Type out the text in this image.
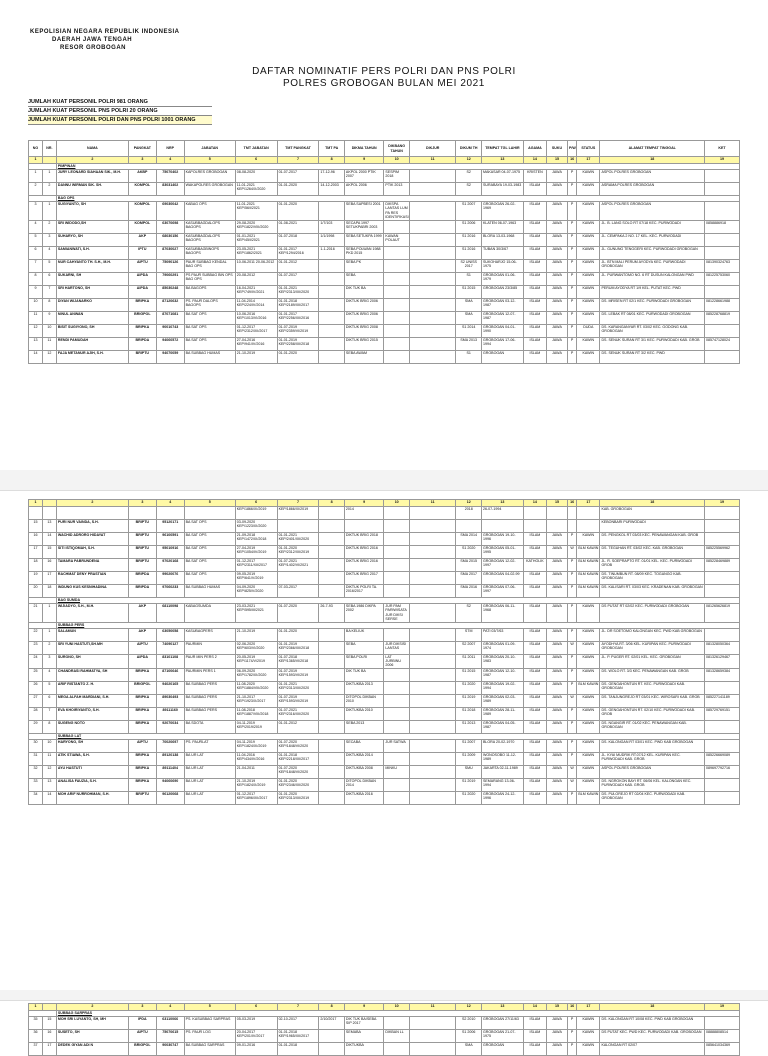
KEPOLISIAN NEGARA REPUBLIK INDONESIA
DAERAH JAWA TENGAH
RESOR GROBOGAN
DAFTAR NOMINATIF PERS POLRI DAN PNS POLRI
POLRES GROBOGAN BULAN MEI 2021
JUMLAH KUAT PERSONIL POLRI 981 ORANG
JUMLAH KUAT PERSONIL PNS POLRI 20 ORANG
JUMLAH KUAT PERSONIL POLRI DAN PNS POLRI 1001 ORANG
NO	NR.	NAMA	PANGKAT	NRP	JABATAN	TMT JABATAN	TMT PANGKAT	TMT PA	DIKMA TAHUN	DIKBANG TAHUN	DIKJUR	DIKUM TH	TEMPAT TGL LAHIR	AGAMA	SUKU	P/W	STATUS	ALAMAT TEMPAT TINGGAL	KET
1		2	3	4	5	6	7	8	9	10	11	12	13	14	15	16	17	18	19
		PIMPINAN																	
1	1	JURY LEONARD SIAHAAN SIK., M.H.	AKBP	75070402	KAPOLRES GROBOGAN	08-08-2020	01-07-2017	17-12-96	AKPOL 2000 PTIK 2007	SESPIM 2018		S2	MAKASAR 04-07-1975	KRISTEN	JAWA	P	KAWIN	ASPOL POLRES GROBOGAN	
2	2	DANNU WIRMAN SIK. SH.	KOMPOL	83031402	WAKAPOLRES GROBOGAN	11-01-2021 KEP/1264/X/2020	01-01-2020	14-12-2003	AKPOL 2006	PTIK 2013		S2	SURABAYA 19-03-1983	ISLAM	JAWA	P	KAWIN	ASRAMA POLRES GROBOGAN	
		BAG OPS																	
3	1	SUGIYANTO, SH	KOMPOL	69030042	KABAG OPS	11-01-2021 KEP/56/I/2021	01-01-2020		SEBA SAPBESI 2001	DIKSPA LANTAS LUM PA RES IDENTIFIKASI		S1 2007	GROBOGAN 26-02-1969	ISLAM	JAWA	P	KAWIN	ASPOL POLRES GROBOGAN	
4	2	SRI WIDODO,SH	KOMPOL	63070698	KASUBBAGDALOPS BAGOPS	29-08-2020 KEP/1822/VIII/2020	01-08-2021	1/7/103	SECAPA 1997 SETUKPABRI 2003			S1 2006	KLATEN 06-07-1963	ISLAM	JAWA	P	KAWIN	JL. B. LANG SOLO RT 07/18 KEC. PURWODADI	0858886918
5	3	SUHARYO, SH	AKP	68030156	KASUBBAGDALOPS BAGOPS	01-01-2021 KEP/45/I/2021	01-07-2018	1/1/1998	SEBA SETUKPA 1999	KAWAN POLAUT		S1 2016	BLORA 13-03-1968	ISLAM	JAWA	P	KAWIN	JL. CEMPAKA 2 NO. 17 KEL. KEC. PURWODADI	
6	4	SAMIANWATI, S.H.	IPTU	87030027	KASUBBAGBINOPS BAGOPS	23-05-2021 KEP/1862/2021	01-01-2017 KEP/1294/2016	1-1-2016	SEBA POLWAN 1988 PKD 2015			S1 2016	TUBAN 30/3/67	ISLAM	JAWA	P	KAWIN	JL. GUNUNG TENGGERI KEC. PURWODADI GROBOGAN	
7	5	NUR CAHYANTO TH. S.H., M.H.	AIPTU	75090126	PAUR SUBBAG KENDAL BAG OPS	10-06-2011 20-06-2012	01-01-2012		SEBA PK			S2 UNISS 2017	SUKOHARJO 15-06-1975	ISLAM	JAWA	P	KAWIN	JL. BTN MALI PERUM AYODYA KEC. PURWODADI GROBOGAN	081390324763
8	6	SUKARNI, SH	AIPDA	79060291	PS PAUR SUBBAG BIN OPS BAG OPS	20-08-2012	01-07-2017		SEBA			S1	GROBOGAN 01-06-1979	ISLAM	JAWA	P	KAWIN	JL. PURWANTOMO NO. 6 RT DUSUN KALONGAN PWD	081225753060
9	7	SRI HARTONO, SH	AIPDA	85030248	BA BAGOPS	16-04-2021 KEP/749/IV/2021	01-01-2021 KEP/2313/XII/2020		DIK TUK BA			S1 2015	GROBOGAN 23/3/85	ISLAM	JAWA	P	KAWIN	PERUM AYODYA RT 1/9 KEL. PUTAT KEC. PWD	
10	8	DIYAN WIJANARKO	BRIPKA	87120632	PS. PAUR DALOPS BAGOPS	11-04-2014 KEP/224/IV/2014	01-01-2018 KEP/2189/XII/2017		DIKTUK BRIG 2006			SMA	GROBOGAN 03-12-1987	ISLAM	JAWA	P	KAWIN	DS. MRISEN RT 02/1 KEC. PURWODADI GROBOGAN	081228661988
11	9	NINUL ANWAN	BRIGPOL	87071081	BA SAT OPS	10-06-2016 KEP/1013/VI/2016	01-01-2017 KEP/2256/XII/2016		DIKTUK BRIG 2006			SMA	GROBOGAN 12-07-1987	ISLAM	JAWA	P	KAWIN	DS. LEBAK RT 08/01 KEC. PURWODADI GROBOGAN	085228768819
12	10	BISIT SUGIYONO, SH	BRIPKA	90010743	BA SAT OPS	01-12-2017 KEP/2312/XII/2017	01-07-2019 KEP/2359/VI/2019		DIKTUK BRIG 2008			S1 2014	GROBOGAN 04-01-1990	ISLAM	JAWA	P	DUDA	DS. KARANGANYAR RT. 03/02 KEC. GODONG KAB. GROBOGAN	
13	11	RENDI PAMUDAH	BRIPDA	94060572	BA SAT OPS	27-04-2016 KEP/941/IV/2016	01-01-2019 KEP/2258/XII/2018		DIKTUK BRIG 2015			SMA 2013	GROBOGAN 17-06-1994	ISLAM	JAWA	P	KAWIN	DS. SENUK SURAN RT 3/1 KEC. PURWODADI KAB. GROB	085747128024
14	12	FAJA METANUR AJIH, S.H.	BRIPTU	94070059	BA SUBBAG HUMAS	21-10-2019	01-01-2020		SEBA AWAM			S1	GROBOGAN	ISLAM	JAWA	P	KAWIN	DS. SENUK SURAN RT 3/2 KEC. PWD	
1		2	3	4	5	6	7	8	9	10	11	12	13	14	15	16	17	18	19
						KEP/1866/XI/2019	KEP/1866/XI/2019		2014			2018	26-07-1994					KAB. GROBOGAN	
15	13	PURI NUR VAINDA, S.H.	BRIPTU	95120171	BA SAT OPS	03-09-2020 KEP/1223/IX/2020												KEBONBARI PURWODADI	
16	14	WACHID ADRORO HIDAYAT	BRIPTU	96100591	BA SAT OPS	21-09-2018 KEP/1472/IX/2018	01-01-2021 KEP/2401/XII/2020		DIKTUK BRIG 2018			SMA 2014	GROBOGAN 19-10-1996	ISLAM	JAWA	P	KAWIN	DS. PENGKOL RT 03/03 KEC. PENAWANGAN KAB. GROB	
17	15	SITI ISTIQOMAH, S.H.	BRIPTU	95010916	BA SAT OPS	27-04-2019 KEP/1054/IV/2019	01-01-2020 KEP/2312/XII/2019		DIKTUK BRIG 2016			S1 2020	GROBOGAN 05-01-1995	ISLAM	JAWA	W	BLM KAWIN	DS. TEGUHAN RT. 03/02 KEC. KAB. GROBOGAN	085225569962
18	16	TAMARA PABRUNDENA	BRIPTU	97020168	BA SAT OPS	01-12-2017 KEP/2311/XII/2017	01-07-2021 KEP/1402/VI/2021		DIKTUK BRIG 2016			SMA 2015	GROBOGAN 12-02-1997	KATHOLIK	JAWA	P	BLM KAWIN	JL. R. SOEPRAPTO RT. 01/01 KEL. KEC. PURWODADI GROB	085228469889
19	17	RACHMAT DENY PRASTIAN	BRIPDA	99020076	BA SAT OPS	09-05-2019 KEP/641/V/2019			DIKTUK BRIG 2017			SMA 2017	GROBOGAN 04-02-99	ISLAM	JAWA	P	BLM KAWIN	DS. TINUMBUN RT. 08/09 KEC. TOGANGO KAB. GROBOGAN	
20	18	INDUNG KUS KESNIHADINA	BRIPDA	97060233	BA SUBBAG HUMAS	04-09-2020 KEP/825/V/2020	07-03-2017		DIKTUK POLRI TA. 2016/2017			SMA 2016	GROBOGAN 07-06-1997	ISLAM	JAWA	P	BLM KAWIN	DS. KALISARI RT. 03/03 KEC. KRADENAN KAB. GROBOGAN	
		BAG SUMDA																	
21	1	WIJIADYO, S.H., M.H.	AKP	68110098	KABAGSUMDA	23-03-2021 KEP/595/III/2021	01-07-2020	26-7-93	SEBA 1986 DIKPA 2002	JUR PAM PARIWISATA JUR DIKSI SERSE		S2	GROBOGAN 06-11-1968	ISLAM	JAWA	P	KAWIN	DS PUTAT RT 02/02 KEC. PURWODADI GROBOGAN	081265626819
		SUBBAG PERS																	
22	1	SALAMUN	AKP	63050058	KASUBAGPERS	21-10-2019	01-01-2020		BA KELIUK			STM	PATI 03/7/63	ISLAM	JAWA	P	KAWIN	JL. DR SOETOMO KALONGAN KEC. PWD KAB GROBOGAN	
23	2	SRI YUNI HASTUTI,SH.MH	AIPTU	74090127	PAURMIN	02-06-2020 KEP/603/VI/2020	01-01-2019 KEP/2366/XII/2018		SEBA	JUR DIKSISI LANTAS		S2 2007	GROBOGAN 01-09-1974	ISLAM	JAWA	W	KAWIN	AYODHYA RT. 3/06 KEL. KURIPAN KEC. PURWODADI GROBOGAN	081328050364
24	3	SURONO, SH	AIPDA	83101108	PAUR MIN PERS 2	20-05-2019 KEP/1174/V/2019	01-07-2018 KEP/1365/VI/2018		SEBA POLRI	LAT JURBINU 2006		S1 2011	GROBOGAN 20-10-1983	ISLAM	JAWA	P	KAWIN	JL. P. PUGER RT. 02/01 KEL. KEC. GROBOGAN	081326129467
25	4	CHANDRASI RAHMATYA, SH	BRIPKA	87100646	PAURMIN PERS 1	06-09-2020 KEP/1782/IX/2020	01-07-2019 KEP/1593/VI/2019		DIK TUK BA			S1 2015	GROBOGAN 12-10-1987	ISLAM	JAWA	P	KAWIN	DS. WOLO RT. 3/3 KEC. PENAWANGAN KAB. GROB	081328659384
26	5	ARIF RISTANTO Z. H.	BRIGPOL	94020165	BA SUBBAG PERS	11-08-2020 KEP/1884/VIII/2020	01-01-2021 KEP/2313/XII/2020		DIKTUKBA 2013			S1 2020	GROBOGAN 19-02-1994	ISLAM	JAWA	P	BLM KAWIN	DS. GENGAHONTUN RT. KEC. PURWODADI KAB. GROBOGAN	
27	6	MEGA ALFAH MARDIANI, S.H.	BRIPKA	89030493	BA SUBBAG PERS	21-10-2017 KEP/1923/X/2017	01-07-2019 KEP/1593/VI/2019		DITOPOL DIKBAN 2010			S1 2019	GROBOGAN 02-03-1989	ISLAM	JAWA	W	KAWIN	DS. TANJUNGREJO RT 03/01 KEC. WIROSARI KAB. GROB	085227141189
28	7	EVA KHOIRIYANTO, S.H.	BRIPKA	89111160	BA SUBBAG PERS	11-08-2018 KEP/1887/VIII/2018	01-07-2021 KEP/2316/XII/2020		DIKTUKBA 2010			S1 2018	GROBOGAN 28-11-1989	ISLAM	JAWA	P	KAWIN	DS. GENGAHONTUN RT. 02/10 KEC. PURWODADI KAB. GROB	085729769151
29	8	SUGENG NOTO	BRIPKA	92070034	BA SDOTA	04-11-2019 KEP/2019/2019	01-01-2012		SEBA 2013			S1 2013	GROBOGAN 04-05-1987	ISLAM	JAWA	P	KAWIN	DS. NGANGIR RT. 01/02 KEC. PENAWANGAN KAB. GROBOGAN	
		SUBBAG LAT																	
30	10	HARYONO, SH	AIPTU	70020697	PS. PAURLAT	04-11-2019 KEP/1824/XI/2019	01-07-2020 KEP/1848/VI/2020		SECABA	JUR SATWA		S1 2007	BLORA 20-02-1970	ISLAM	JAWA	P	KAWIN	DS. KALONGAN RT 03/01 KEC. PWD KAB GROBOGAN	
31	11	ATIK STIAWA, S.H.	BRIPKA	89120138	BA UR LAT	11-04-2016 KEP/434/IV/2016	01-01-2018 KEP/2218/XII/2017		DIKTUKBA 2014			S1 2009	WONOSOBO 11-12-1989	ISLAM	JAWA	P	KAWIN	JL. KYAI MUDRIK RT.07/12 KEL. KURIPAN KEC. PURWODADI KAB. GROB	085226669089
32	12	AYU HASTUTI	BRIPKA	89111404	BA UR LAT	21-04-2011	01-07-2020 KEP/1848/VI/2020		DIKTUKBA 2008	MINKU		SMU	JAKARTA 02-11-1989	ISLAM	JAWA	W	KAWIN	ASPOL POLRES GROBOGAN	089697792716
33	13	ANALISA FAUZIA, S.H.	BRIPKA	94060690	BA UR LAT	21-10-2019 KEP/1824/X/2019	01-01-2020 KEP/2346/XII/2020		DITOPOL DIKBAN 2014			S1 2019	SEMARANG 13-06-1994	ISLAM	JAWA	W	KAWIN	DS. NGROKON BAYI RT. 06/06 KEL. KALONGAN KEC. PURWODADI KAB. GROB	
34	14	MOH ARIF NURROHMAN, S.H.	BRIPTU	96120068	BA UR LAT	01-12-2017 KEP/1896/XII/2017	01-01-2020 KEP/2313/XII/2019		DIKTUKBA 2016			S1 2020	GROBOGAN 24-12-1996	ISLAM	JAWA	P	BLM KAWIN	DS. PULOREJO RT 02/04 KEC. PURWODADI KAB. GROBOGAN	
1		2	3	4	5	6	7	8	9	10	11	12	13	14	15	16	17	18	19
		SUBBAG SARPRAS																	
35	15	MOH SRI LUYANTO, SH, MH	IPDA	63110066	PS. KASUBBAG SARPRAS	05-03-2019	02-10-2017	2/10/2017	DIK TUK BA/SEBA SIP 2017			S2 2010	GROBOGAN 27/11/63	ISLAM	JAWA	P	KAWIN	DS. KALONGAN RT 10/08 KEC. PWD KAB GROBOGAN	
36	16	SUSETO, SH	AIPTU	75070615	PS. PAUR LOG	20-04-2017 KEP/201/IV/2017	01-01-2018 KEP/1965/XII/2017		SEMABA	DIKBAN LL		S1 2006	GROBOGAN 21-07-1975	ISLAM	JAWA	P	KAWIN	DS PUTAT KEC. PWD KEC. PURWODADI KAB. GROBOGAN	08888808514
37	17	DEDEK GIYAN ADI N	BRIGPOL	90030747	BA SUBBAG SARPRAS	09-01-2016	01-01-2018		DIKTUKBA			SMA	GROBOGAN	ISLAM	JAWA	P	KAWIN	KALONGAN RT 02/07	085641034369
